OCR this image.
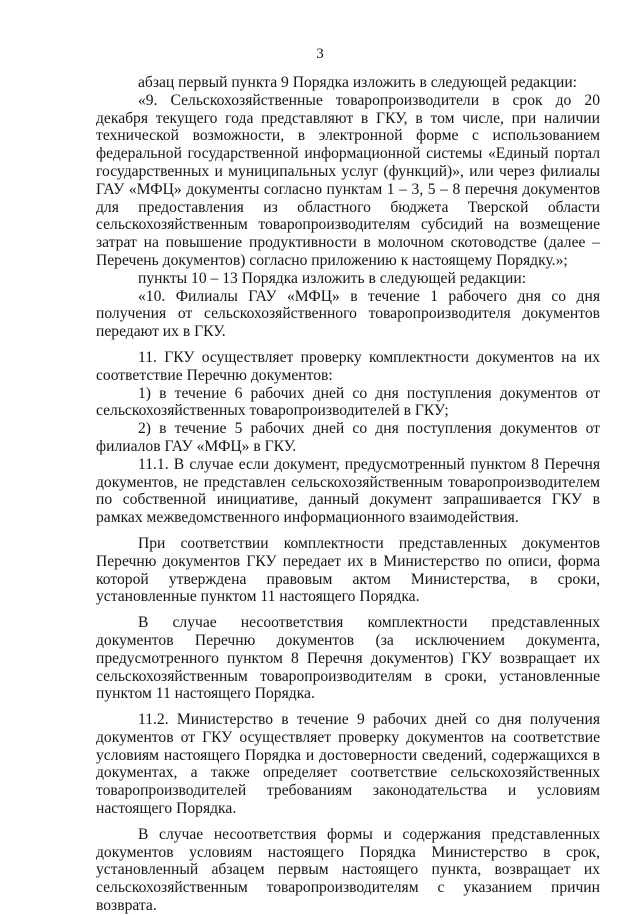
3

абзац первый пункта 9 Порядка изложить в следующей редакции:

«9. Сельскохозяйственные товаропроизводители в срок до 20 декабря текущего года представляют в ГКУ, в том числе, при наличии технической возможности, в электронной форме с использованием федеральной государственной информационной системы «Единый портал государственных и муниципальных услуг (функций)», или через филиалы ГАУ «МФЦ» документы согласно пунктам 1 – 3, 5 – 8 перечня документов для предоставления из областного бюджета Тверской области сельскохозяйственным товаропроизводителям субсидий на возмещение затрат на повышение продуктивности в молочном скотоводстве (далее – Перечень документов) согласно приложению к настоящему Порядку.»;

пункты 10 – 13 Порядка изложить в следующей редакции:

«10. Филиалы ГАУ «МФЦ» в течение 1 рабочего дня со дня получения от сельскохозяйственного товаропроизводителя документов передают их в ГКУ.

11. ГКУ осуществляет проверку комплектности документов на их соответствие Перечню документов:

1) в течение 6 рабочих дней со дня поступления документов от сельскохозяйственных товаропроизводителей в ГКУ;

2) в течение 5 рабочих дней со дня поступления документов от филиалов ГАУ «МФЦ» в ГКУ.

11.1. В случае если документ, предусмотренный пунктом 8 Перечня документов, не представлен сельскохозяйственным товаропроизводителем по собственной инициативе, данный документ запрашивается ГКУ в рамках межведомственного информационного взаимодействия.

При соответствии комплектности представленных документов Перечню документов ГКУ передает их в Министерство по описи, форма которой утверждена правовым актом Министерства, в сроки, установленные пунктом 11 настоящего Порядка.

В случае несоответствия комплектности представленных документов Перечню документов (за исключением документа, предусмотренного пунктом 8 Перечня документов) ГКУ возвращает их сельскохозяйственным товаропроизводителям в сроки, установленные пунктом 11 настоящего Порядка.

11.2. Министерство в течение 9 рабочих дней со дня получения документов от ГКУ осуществляет проверку документов на соответствие условиям настоящего Порядка и достоверности сведений, содержащихся в документах, а также определяет соответствие сельскохозяйственных товаропроизводителей требованиям законодательства и условиям настоящего Порядка.

В случае несоответствия формы и содержания представленных документов условиям настоящего Порядка Министерство в срок, установленный абзацем первым настоящего пункта, возвращает их сельскохозяйственным товаропроизводителям с указанием причин возврата.
